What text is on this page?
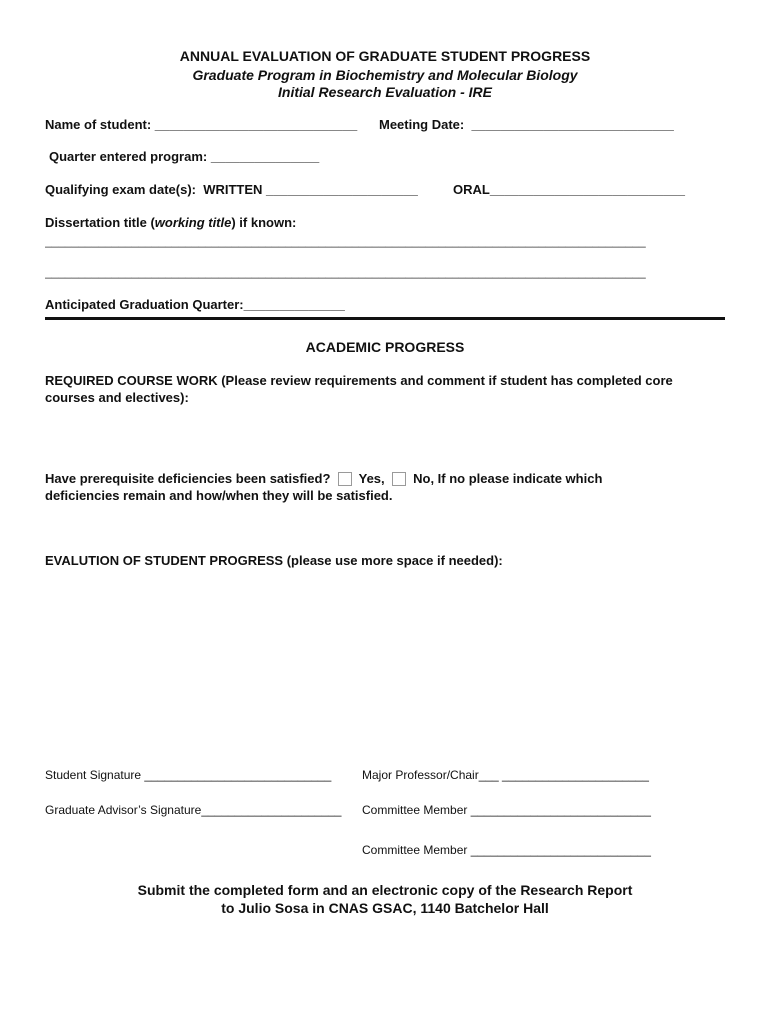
ANNUAL EVALUATION OF GRADUATE STUDENT PROGRESS
Graduate Program in Biochemistry and Molecular Biology
Initial Research Evaluation - IRE
Name of student: ____________________________ Meeting Date:  ____________________________
Quarter entered program: _______________
Qualifying exam date(s):  WRITTEN _____________________	ORAL___________________________
Dissertation title (working title) if known:
__________________________________________________________________________________________
__________________________________________________________________________________________
Anticipated Graduation Quarter:______________
ACADEMIC PROGRESS
REQUIRED COURSE WORK (Please review requirements and comment if student has completed core
courses and electives):
Have prerequisite deficiencies been satisfied? Yes, No, If no please indicate which
deficiencies remain and how/when they will be satisfied.
EVALUTION OF STUDENT PROGRESS (please use more space if needed):
Student Signature ____________________________	Major Professor/Chair___ ______________________
Graduate Advisor’s Signature_____________________ Committee Member ___________________________
Committee Member ___________________________
Submit the completed form and an electronic copy of the Research Report
to Julio Sosa in CNAS GSAC, 1140 Batchelor Hall
